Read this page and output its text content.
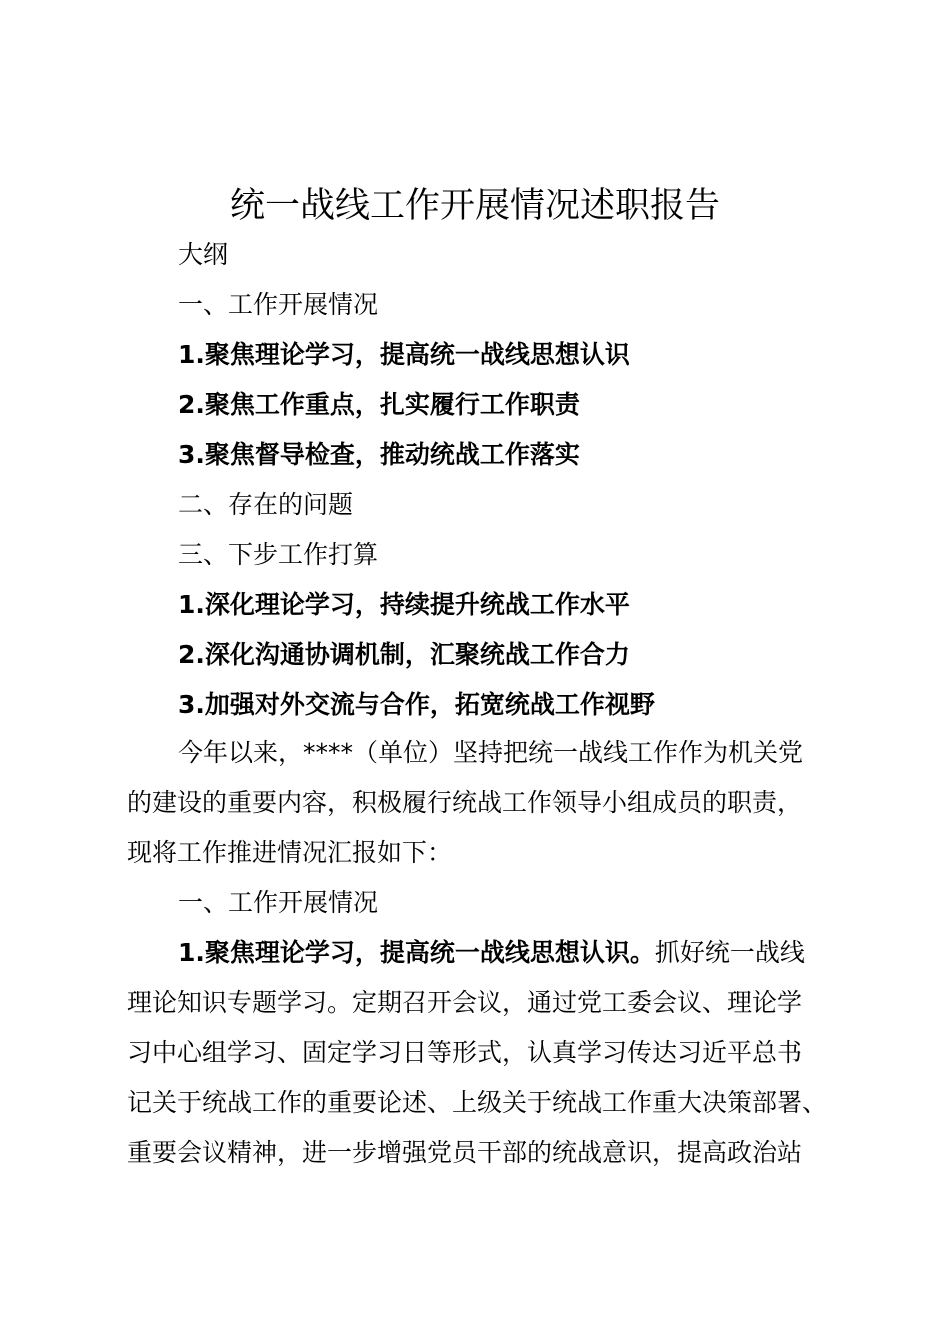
统一战线工作开展情况述职报告
大纲
一、工作开展情况
1.聚焦理论学习，提高统一战线思想认识
2.聚焦工作重点，扎实履行工作职责
3.聚焦督导检查，推动统战工作落实
二、存在的问题
三、下步工作打算
1.深化理论学习，持续提升统战工作水平
2.深化沟通协调机制，汇聚统战工作合力
3.加强对外交流与合作，拓宽统战工作视野
今年以来，****（单位）坚持把统一战线工作作为机关党
的建设的重要内容，积极履行统战工作领导小组成员的职责，
现将工作推进情况汇报如下：
一、工作开展情况
1.聚焦理论学习，提高统一战线思想认识。抓好统一战线
理论知识专题学习。定期召开会议，通过党工委会议、理论学
习中心组学习、固定学习日等形式，认真学习传达习近平总书
记关于统战工作的重要论述、上级关于统战工作重大决策部署、
重要会议精神，进一步增强党员干部的统战意识，提高政治站
